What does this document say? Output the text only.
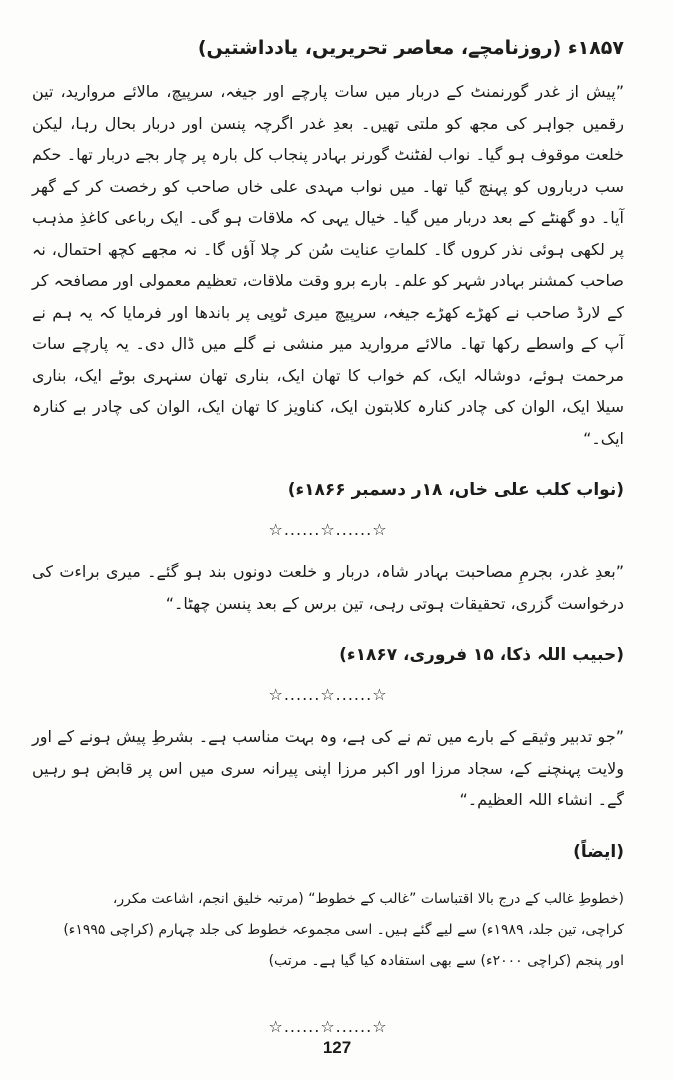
۱۸۵۷ء (روزنامچے، معاصر تحریریں، یادداشتیں)

”پیش از غدر گورنمنٹ کے دربار میں سات پارچے اور جیغہ، سرپیچ، مالائے مروارید، تین رقمیں جواہر کی مجھ کو ملتی تھیں۔ بعدِ غدر اگرچہ پنسن اور دربار بحال رہا، لیکن خلعت موقوف ہو گیا۔ نواب لفٹنٹ گورنر بہادر پنجاب کل بارہ پر چار بجے دربار تھا۔ حکم سب درباروں کو پہنچ گیا تھا۔ میں نواب مہدی علی خاں صاحب کو رخصت کر کے گھر آیا۔ دو گھنٹے کے بعد دربار میں گیا۔ خیال یہی کہ ملاقات ہو گی۔ ایک رباعی کاغذِ مذہب پر لکھی ہوئی نذر کروں گا۔ کلماتِ عنایت سُن کر چلا آؤں گا۔ نہ مجھے کچھ احتمال، نہ صاحب کمشنر بہادر شہر کو علم۔ بارے برو وقت ملاقات، تعظیم معمولی اور مصافحہ کر کے لارڈ صاحب نے کھڑے کھڑے جیغہ، سرپیچ میری ٹوپی پر باندھا اور فرمایا کہ یہ ہم نے آپ کے واسطے رکھا تھا۔ مالائے مروارید میر منشی نے گلے میں ڈال دی۔ یہ پارچے سات مرحمت ہوئے، دوشالہ ایک، کم خواب کا تھان ایک، بناری تھان سنہری بوٹے ایک، بناری سیلا ایک، الوان کی چادر کنارہ کلابتون ایک، کناویز کا تھان ایک، الوان کی چادر بے کنارہ ایک۔“

(نواب کلب علی خاں، ۱۸ر دسمبر ۱۸۶۶ء)
☆......☆......☆

”بعدِ غدر، بجرمِ مصاحبت بہادر شاہ، دربار و خلعت دونوں بند ہو گئے۔ میری براءت کی درخواست گزری، تحقیقات ہوتی رہی، تین برس کے بعد پنسن چھٹا۔“

(حبیب اللہ ذکا، ۱۵ فروری، ۱۸۶۷ء)
☆......☆......☆

”جو تدبیر وثیقے کے بارے میں تم نے کی ہے، وہ بہت مناسب ہے۔ بشرطِ پیش ہونے کے اور ولایت پہنچنے کے، سجاد مرزا اور اکبر مرزا اپنی پیرانہ سری میں اس پر قابض ہو رہیں گے۔ انشاء اللہ العظیم۔“

(ایضاً)
(خطوطِ غالب کے درج بالا اقتباسات ”غالب کے خطوط“ (مرتبہ خلیق انجم، اشاعت مکرر،
کراچی، تین جلد، ۱۹۸۹ء) سے لیے گئے ہیں۔ اسی مجموعہ خطوط کی جلد چہارم (کراچی ۱۹۹۵ء)
اور پنجم (کراچی ۲۰۰۰ء) سے بھی استفادہ کیا گیا ہے۔ مرتب)
☆......☆......☆
127
